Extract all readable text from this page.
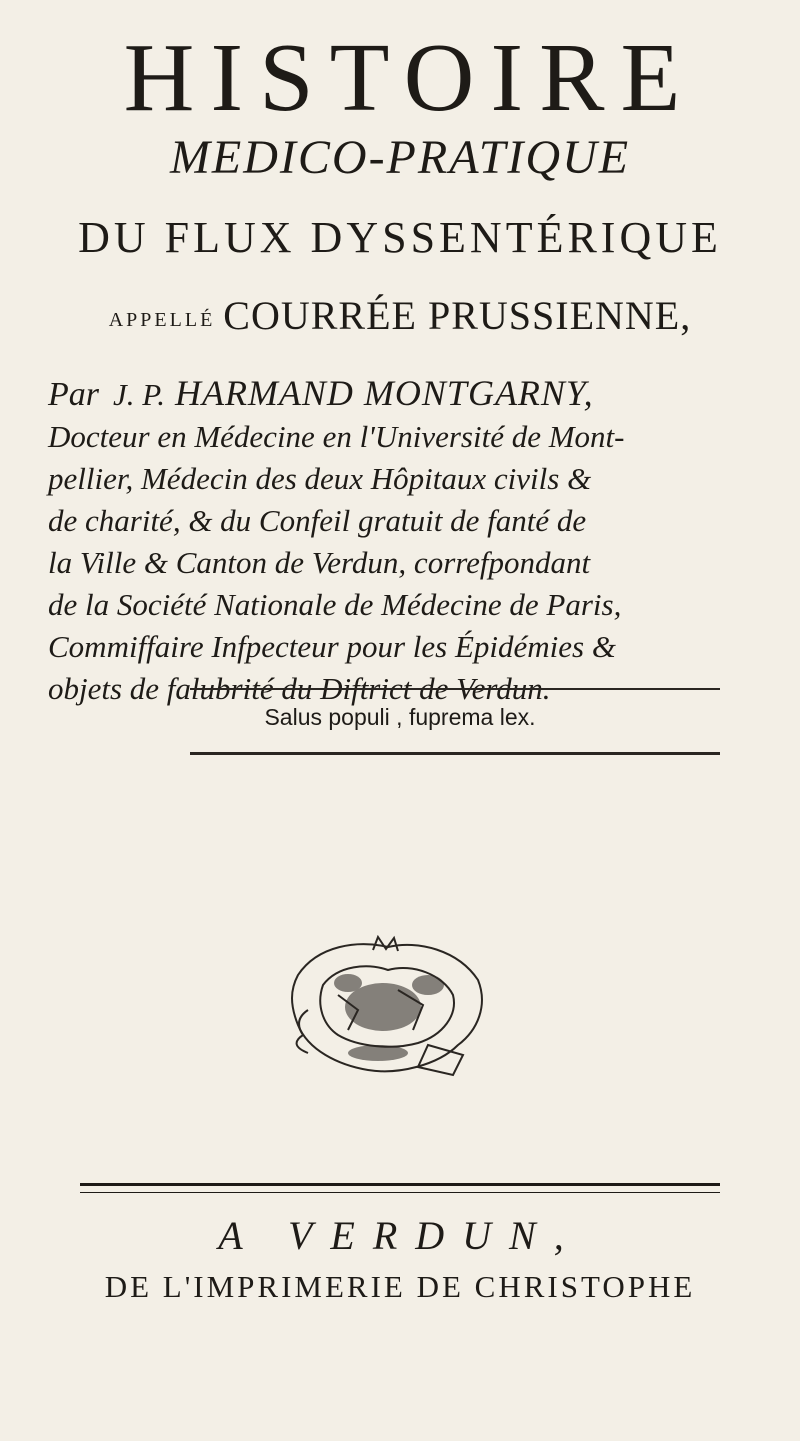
HISTOIRE
MEDICO-PRATIQUE
DU FLUX DYSSENTÉRIQUE
APPELLÉ COURRÉE PRUSSIENNE,
Par J. P. HARMAND MONTGARNY,
Docteur en Médecine en l'Université de Mont-
pellier, Médecin des deux Hôpitaux civils &
de charité, & du Confeil gratuit de fanté de
la Ville & Canton de Verdun, correfpondant
de la Société Nationale de Médecine de Paris,
Commiffaire Infpecteur pour les Épidémies &
objets de falubrité du Diftrict de Verdun.
Salus populi , fuprema lex.
A VERDUN,
DE L'IMPRIMERIE DE CHRISTOPHE
